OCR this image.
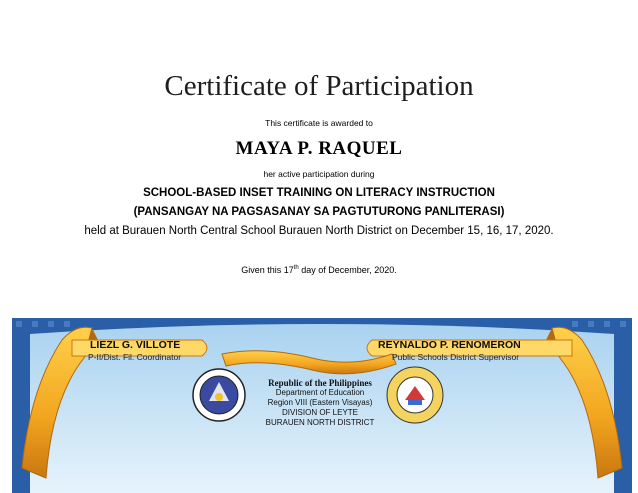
Certificate of Participation
This certificate is awarded to
MAYA P. RAQUEL
her active participation during
SCHOOL-BASED INSET TRAINING ON LITERACY INSTRUCTION
(PANSANGAY NA PAGSASANAY SA PAGTUTURONG PANLITERASI)
held at Burauen North Central School Burauen North District on December 15, 16, 17, 2020.
Given this 17th day of December, 2020.
LIEZL G. VILLOTE
P-II/Dist. Fil. Coordinator
REYNALDO P. RENOMERON
Public Schools District Supervisor
Republic of the Philippines
Department of Education
Region VIII (Eastern Visayas)
DIVISION OF LEYTE
BURAUEN NORTH DISTRICT
